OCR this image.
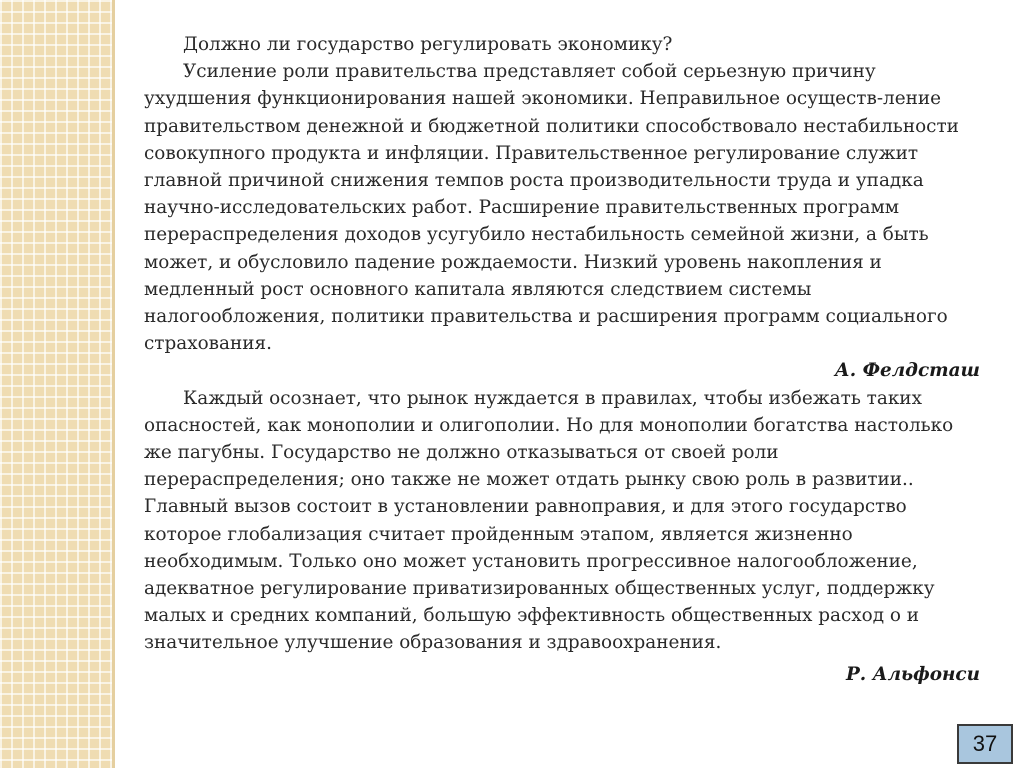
Должно ли государство регулировать экономику?

Усиление роли правительства представляет собой серьезную причину ухудшения функционирования нашей экономики. Неправильное осуществ-ление правительством денежной и бюджетной политики способствовало нестабильности совокупного продукта и инфляции. Правительственное регулирование служит главной причиной снижения темпов роста производительности труда и упадка научно-исследовательских работ. Расширение правительственных программ перераспределения доходов усугубило нестабильность семейной жизни, а быть может, и обусловило падение рождаемости. Низкий уровень накопления и медленный рост основного капитала являются следствием системы налогообложения, политики правительства и расширения программ социального страхования.

А. Фелдсташ

Каждый осознает, что рынок нуждается в правилах, чтобы избежать таких опасностей, как монополии и олигополии. Но для монополии богатства настолько же пагубны. Государство не должно отказываться от своей роли перераспределения; оно также не может отдать рынку свою роль в развитии.. Главный вызов состоит в установлении равноправия, и для этого государство которое глобализация считает пройденным этапом, является жизненно необходимым. Только оно может установить прогрессивное налогообложение, адекватное регулирование приватизированных общественных услуг, поддержку малых и средних компаний, большую эффективность общественных расход о и значительное улучшение образования и здравоохранения.

Р. Альфонси

37
